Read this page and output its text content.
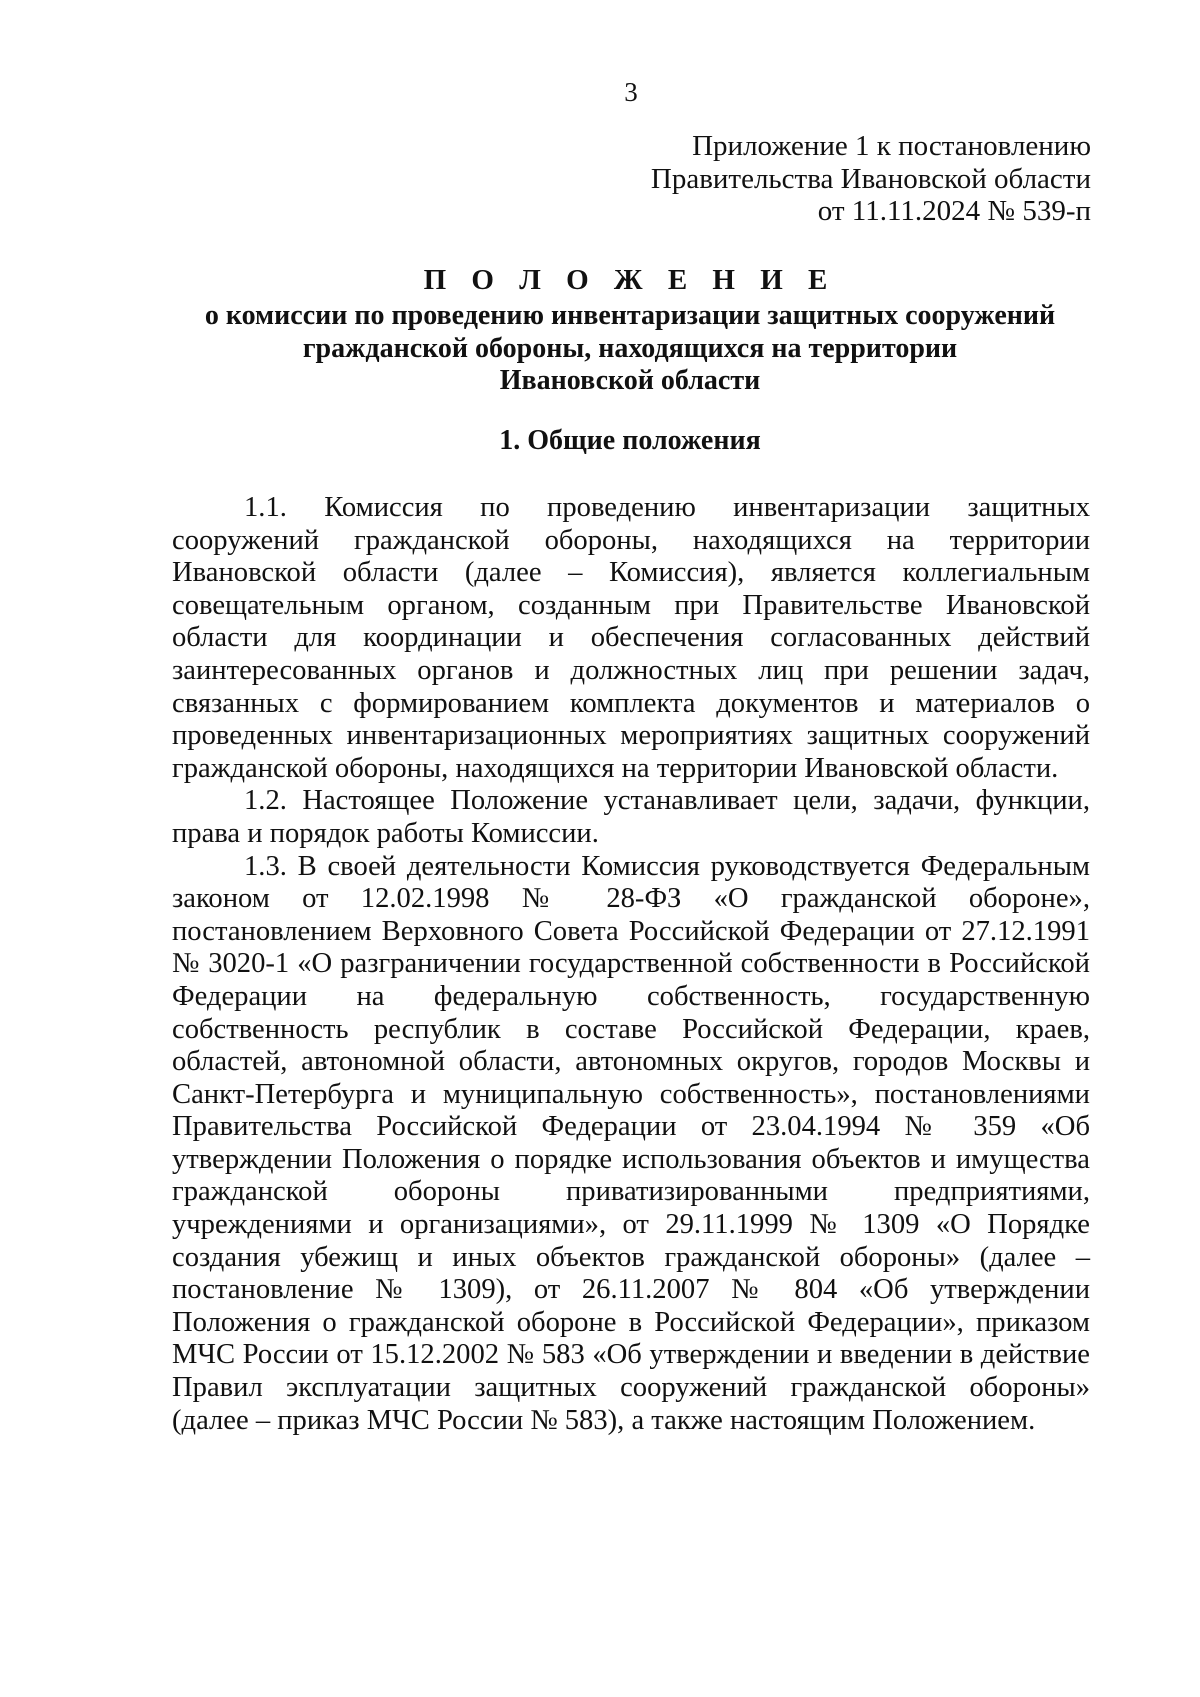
3
Приложение 1 к постановлению
Правительства Ивановской области
от 11.11.2024 № 539-п
П О Л О Ж Е Н И Е
о комиссии по проведению инвентаризации защитных сооружений
гражданской обороны, находящихся на территории
Ивановской области
1. Общие положения

1.1. Комиссия по проведению инвентаризации защитных сооружений гражданской обороны, находящихся на территории Ивановской области (далее – Комиссия), является коллегиальным совещательным органом, созданным при Правительстве Ивановской области для координации и обеспечения согласованных действий заинтересованных органов и должностных лиц при решении задач, связанных с формированием комплекта документов и материалов о проведенных инвентаризационных мероприятиях защитных сооружений гражданской обороны, находящихся на территории Ивановской области.

1.2. Настоящее Положение устанавливает цели, задачи, функции, права и порядок работы Комиссии.

1.3. В своей деятельности Комиссия руководствуется Федеральным законом от 12.02.1998 № 28-ФЗ «О гражданской обороне», постановлением Верховного Совета Российской Федерации от 27.12.1991 № 3020-1 «О разграничении государственной собственности в Российской Федерации на федеральную собственность, государственную собственность республик в составе Российской Федерации, краев, областей, автономной области, автономных округов, городов Москвы и Санкт-Петербурга и муниципальную собственность», постановлениями Правительства Российской Федерации от 23.04.1994 № 359 «Об утверждении Положения о порядке использования объектов и имущества гражданской обороны приватизированными предприятиями, учреждениями и организациями», от 29.11.1999 № 1309 «О Порядке создания убежищ и иных объектов гражданской обороны» (далее – постановление № 1309), от 26.11.2007 № 804 «Об утверждении Положения о гражданской обороне в Российской Федерации», приказом МЧС России от 15.12.2002 № 583 «Об утверждении и введении в действие Правил эксплуатации защитных сооружений гражданской обороны» (далее – приказ МЧС России № 583), а также настоящим Положением.
